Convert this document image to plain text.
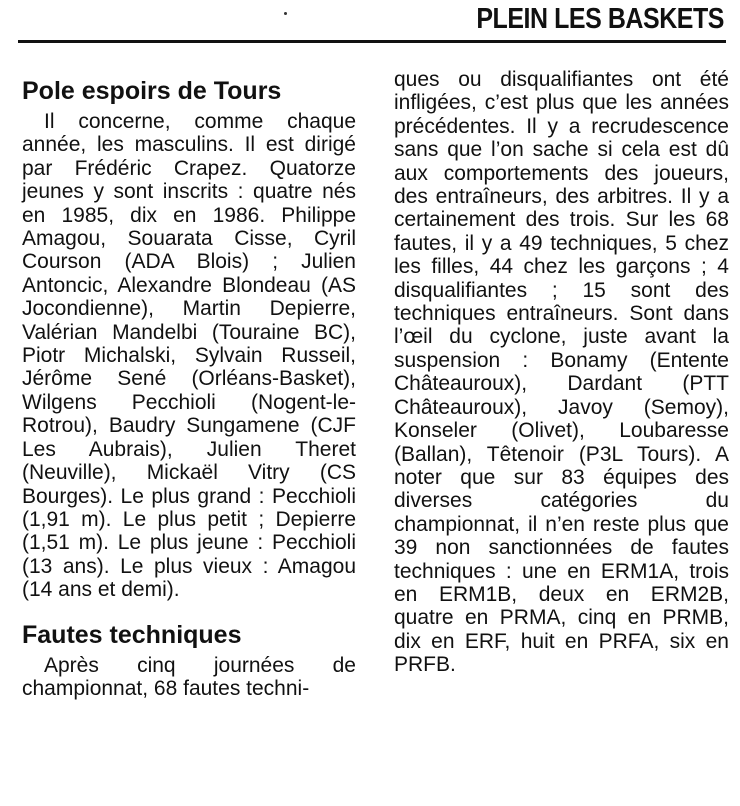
PLEIN LES BASKETS
Pole espoirs de Tours

Il concerne, comme chaque année, les masculins. Il est dirigé par Frédéric Crapez. Quatorze jeunes y sont inscrits : quatre nés en 1985, dix en 1986. Philippe Amagou, Souarata Cisse, Cyril Courson (ADA Blois) ; Julien Antoncic, Alexandre Blondeau (AS Jocondienne), Martin Depierre, Valérian Mandelbi (Touraine BC), Piotr Michalski, Sylvain Russeil, Jérôme Sené (Orléans-Basket), Wilgens Pecchioli (Nogent-le-Rotrou), Baudry Sungamene (CJF Les Aubrais), Julien Theret (Neuville), Mickaël Vitry (CS Bourges). Le plus grand : Pecchioli (1,91 m). Le plus petit ; Depierre (1,51 m). Le plus jeune : Pecchioli (13 ans). Le plus vieux : Amagou (14 ans et demi).

Fautes techniques

Après cinq journées de championnat, 68 fautes techni-

ques ou disqualifiantes ont été infligées, c’est plus que les années précédentes. Il y a recrudescence sans que l’on sache si cela est dû aux comportements des joueurs, des entraîneurs, des arbitres. Il y a certainement des trois. Sur les 68 fautes, il y a 49 techniques, 5 chez les filles, 44 chez les garçons ; 4 disqualifiantes ; 15 sont des techniques entraîneurs. Sont dans l’œil du cyclone, juste avant la suspension : Bonamy (Entente Châteauroux), Dardant (PTT Châteauroux), Javoy (Semoy), Konseler (Olivet), Loubaresse (Ballan), Têtenoir (P3L Tours). A noter que sur 83 équipes des diverses catégories du championnat, il n’en reste plus que 39 non sanctionnées de fautes techniques : une en ERM1A, trois en ERM1B, deux en ERM2B, quatre en PRMA, cinq en PRMB, dix en ERF, huit en PRFA, six en PRFB.
